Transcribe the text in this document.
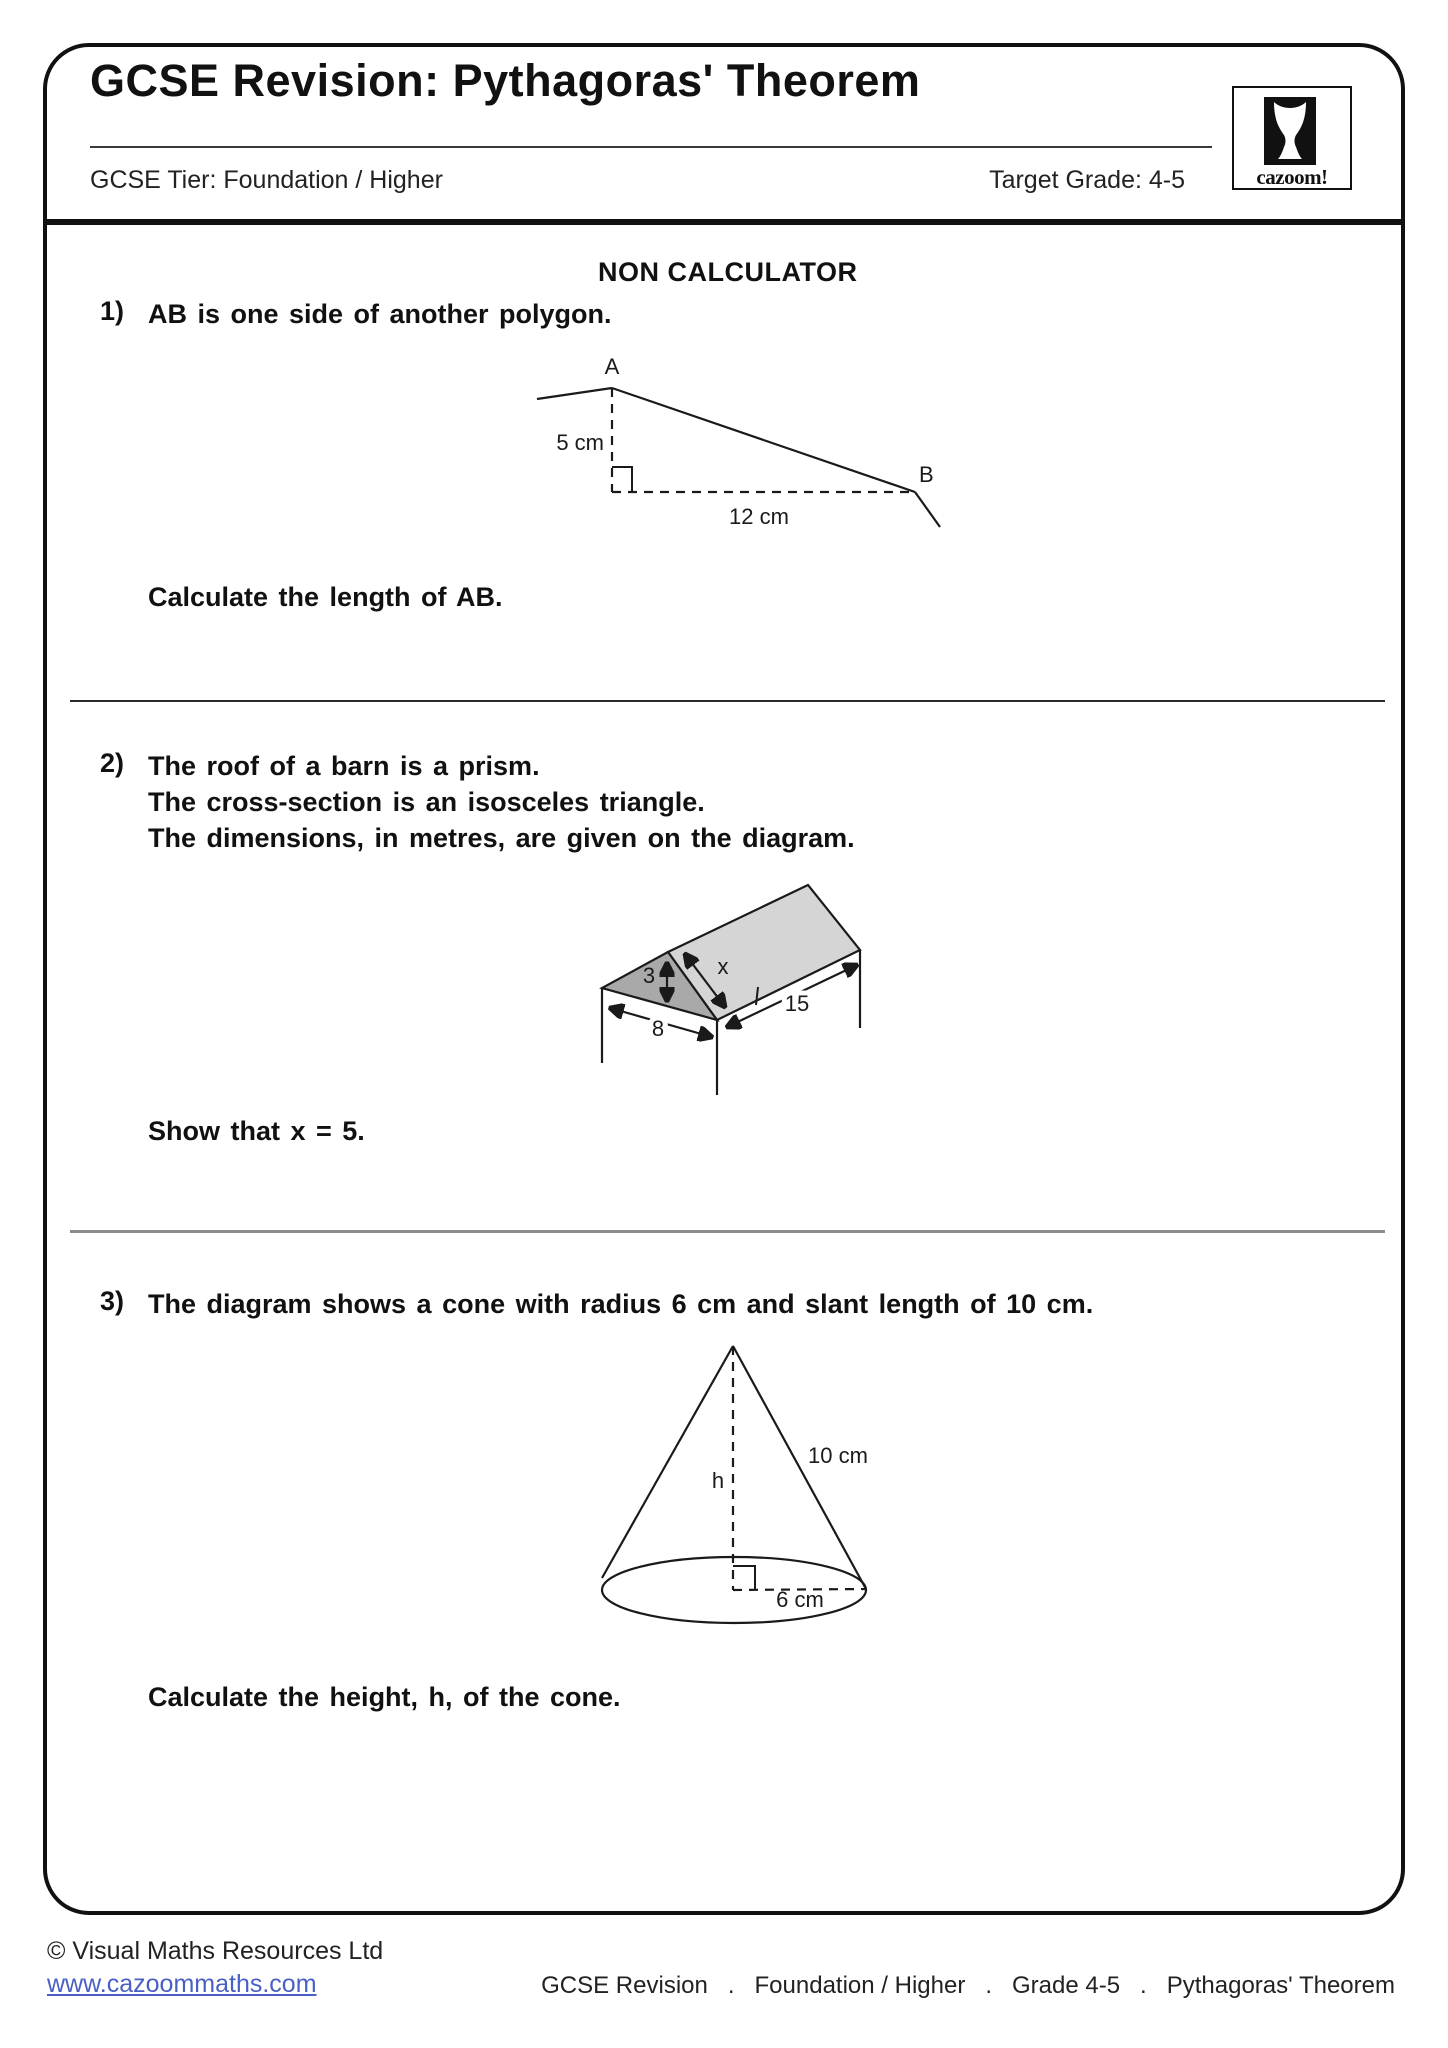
GCSE Revision: Pythagoras' Theorem
GCSE Tier: Foundation / Higher	Target Grade: 4-5	cazoom!
NON CALCULATOR
1) AB is one side of another polygon.
A
B
5 cm
12 cm
Calculate the length of AB.
2) The roof of a barn is a prism.
The cross-section is an isosceles triangle.
The dimensions, in metres, are given on the diagram.
3	x
8
15
Show that x = 5.
3) The diagram shows a cone with radius 6 cm and slant length of 10 cm.
h
10 cm
6 cm
Calculate the height, h, of the cone.
© Visual Maths Resources Ltd
www.cazoommaths.com	GCSE Revision   .   Foundation / Higher   .   Grade 4-5   .   Pythagoras' Theorem
